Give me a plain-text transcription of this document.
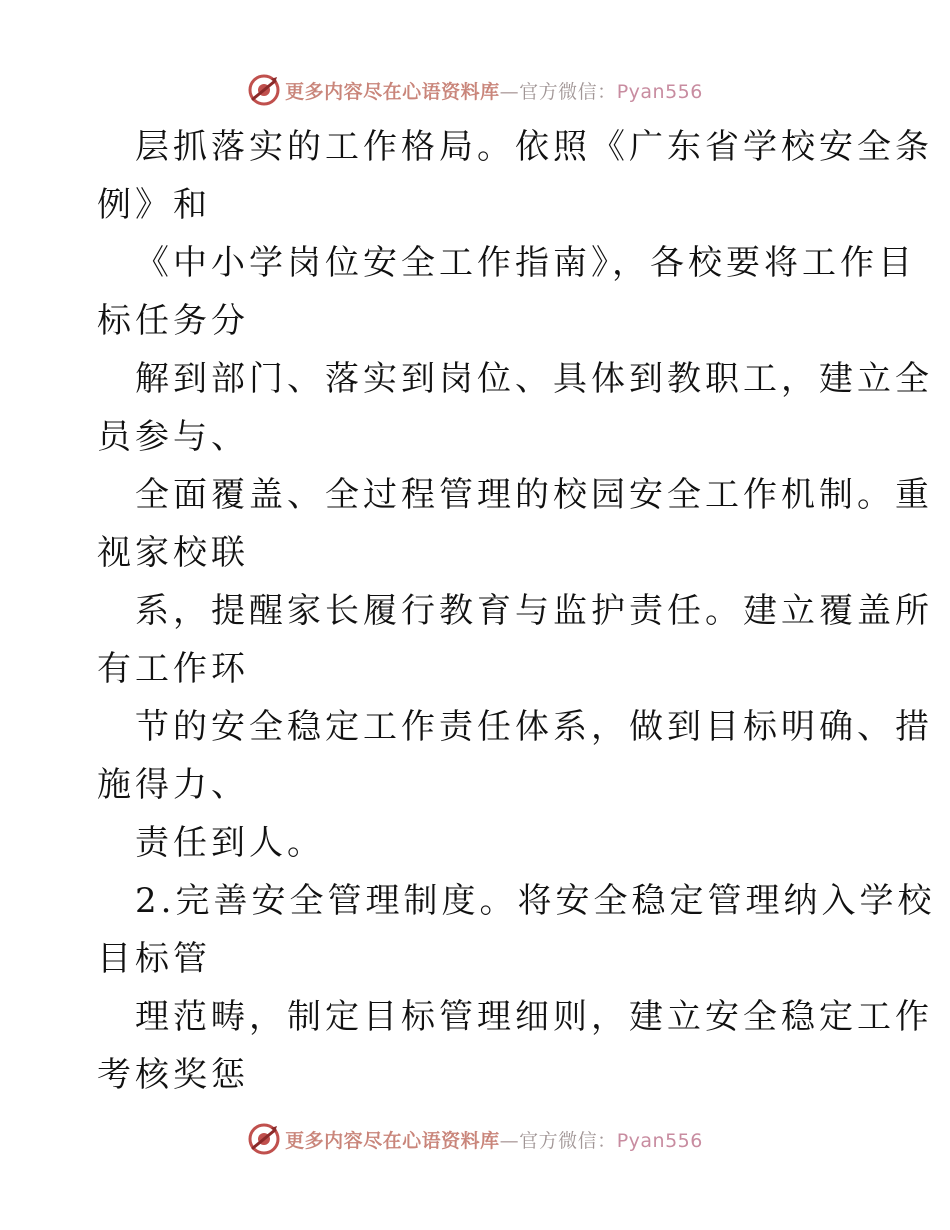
更多内容尽在心语资料库—官方微信：Pyan556
层抓落实的工作格局。依照《广东省学校安全条
例》和
《中小学岗位安全工作指南》，各校要将工作目
标任务分
解到部门、落实到岗位、具体到教职工，建立全
员参与、
全面覆盖、全过程管理的校园安全工作机制。重
视家校联
系，提醒家长履行教育与监护责任。建立覆盖所
有工作环
节的安全稳定工作责任体系，做到目标明确、措
施得力、
责任到人。
2.完善安全管理制度。将安全稳定管理纳入学校
目标管
理范畴，制定目标管理细则，建立安全稳定工作
考核奖惩
更多内容尽在心语资料库—官方微信：Pyan556
